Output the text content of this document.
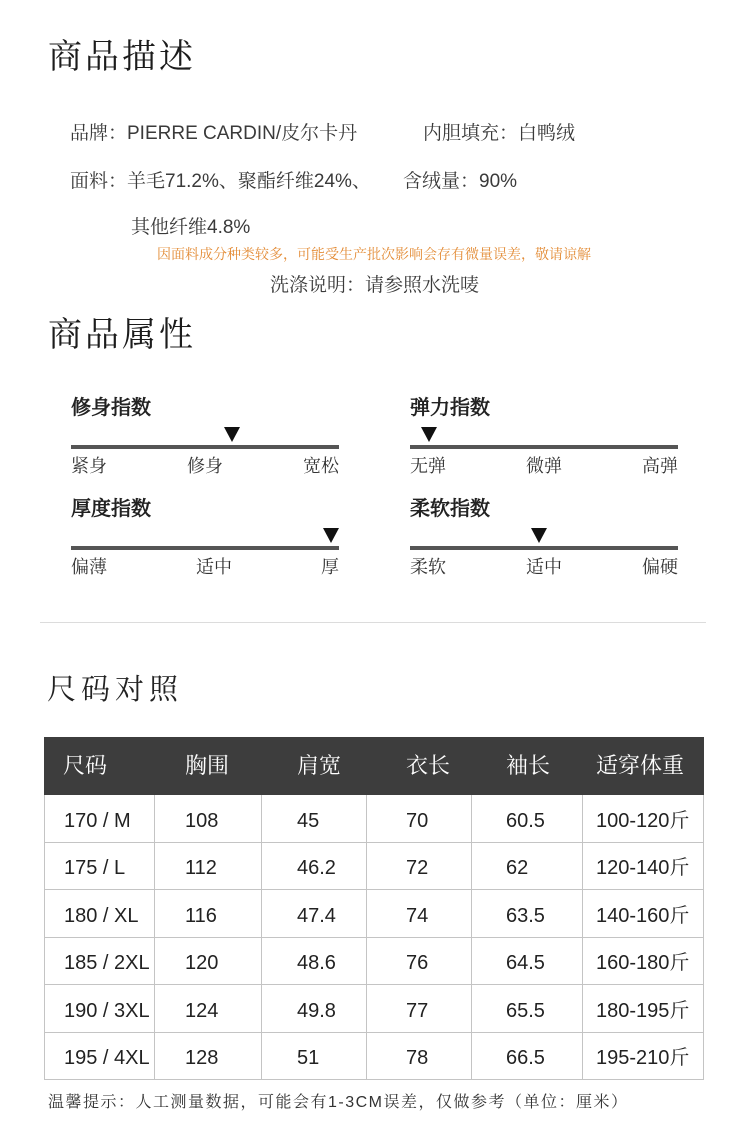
商品描述
品牌：PIERRE CARDIN/皮尔卡丹	内胆填充：白鸭绒
面料：羊毛71.2%、聚酯纤维24%、 含绒量：90%
其他纤维4.8%
因面料成分种类较多，可能受生产批次影响会存有微量误差，敬请谅解
洗涤说明：请参照水洗唛
商品属性
修身指数
紧身	修身	宽松
弹力指数
无弹	微弹	高弹
厚度指数
偏薄	适中	厚
柔软指数
柔软	适中	偏硬
尺码对照
尺码	胸围	肩宽	衣长	袖长	适穿体重
170 / M	108	45	70	60.5	100-120斤
175 / L	112	46.2	72	62	120-140斤
180 / XL	116	47.4	74	63.5	140-160斤
185 / 2XL	120	48.6	76	64.5	160-180斤
190 / 3XL	124	49.8	77	65.5	180-195斤
195 / 4XL	128	51	78	66.5	195-210斤
温馨提示：人工测量数据，可能会有1-3CM误差，仅做参考（单位：厘米）
